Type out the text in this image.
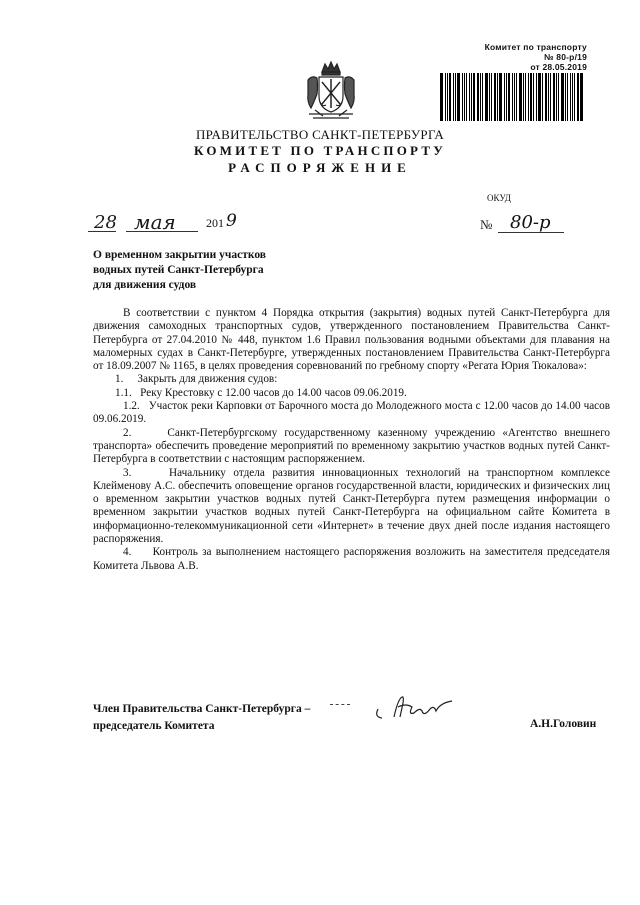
Комитет по транспорту
№ 80-р/19
от 28.05.2019
ПРАВИТЕЛЬСТВО САНКТ-ПЕТЕРБУРГА
КОМИТЕТ ПО ТРАНСПОРТУ
РАСПОРЯЖЕНИЕ
ОКУД
28 мая	201 9	№ 80-р
О временном закрытии участков
водных путей Санкт-Петербурга
для движения судов

В соответствии с пунктом 4 Порядка открытия (закрытия) водных путей Санкт-Петербурга для движения самоходных транспортных судов, утвержденного постановлением Правительства Санкт-Петербурга от 27.04.2010 № 448, пунктом 1.6 Правил пользования водными объектами для плавания на маломерных судах в Санкт-Петербурге, утвержденных постановлением Правительства Санкт-Петербурга от 18.09.2007 № 1165, в целях проведения соревнований по гребному спорту «Регата Юрия Тюкалова»:

1.     Закрыть для движения судов:

1.1.   Реку Крестовку с 12.00 часов до 14.00 часов 09.06.2019.

1.2.   Участок реки Карповки от Барочного моста до Молодежного моста с 12.00 часов до 14.00 часов 09.06.2019.

2.     Санкт-Петербургскому государственному казенному учреждению «Агентство внешнего транспорта» обеспечить проведение мероприятий по временному закрытию участков водных путей Санкт-Петербурга в соответствии с настоящим распоряжением.

3.     Начальнику отдела развития инновационных технологий на транспортном комплексе Клейменову А.С. обеспечить оповещение органов государственной власти, юридических и физических лиц о временном закрытии участков водных путей Санкт-Петербурга путем размещения информации о временном закрытии участков водных путей Санкт-Петербурга на официальном сайте Комитета в информационно-телекоммуникационной сети «Интернет» в течение двух дней после издания настоящего распоряжения.

4.     Контроль за выполнением настоящего распоряжения возложить на заместителя председателя Комитета Львова А.В.

Член Правительства Санкт-Петербурга –
председатель Комитета	А.Н.Головин
